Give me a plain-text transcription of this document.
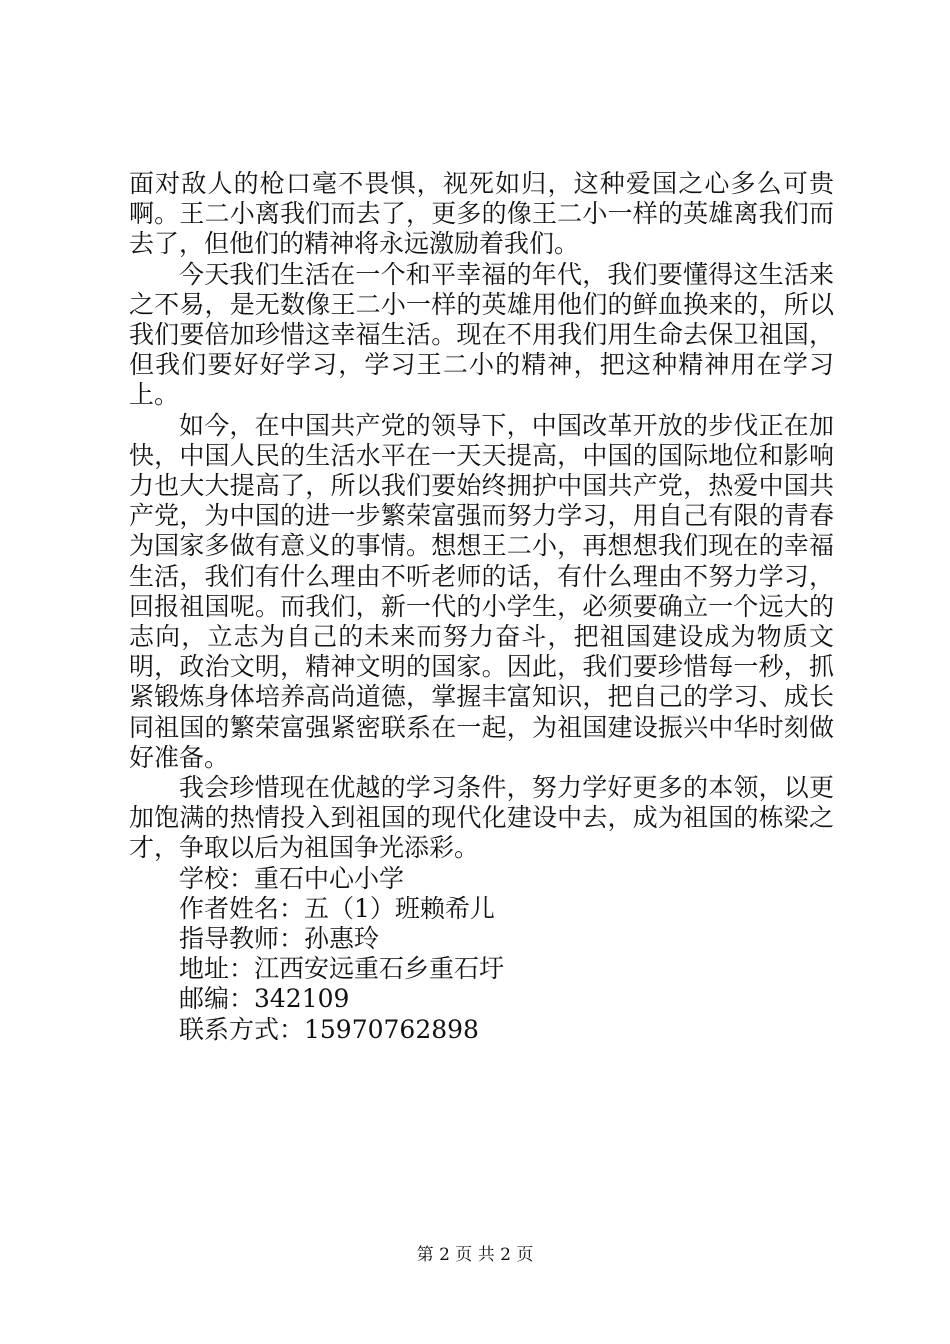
面对敌人的枪口毫不畏惧，视死如归，这种爱国之心多么可贵啊。王二小离我们而去了，更多的像王二小一样的英雄离我们而去了，但他们的精神将永远激励着我们。

今天我们生活在一个和平幸福的年代，我们要懂得这生活来之不易，是无数像王二小一样的英雄用他们的鲜血换来的，所以我们要倍加珍惜这幸福生活。现在不用我们用生命去保卫祖国，但我们要好好学习，学习王二小的精神，把这种精神用在学习上。

如今，在中国共产党的领导下，中国改革开放的步伐正在加快，中国人民的生活水平在一天天提高，中国的国际地位和影响力也大大提高了，所以我们要始终拥护中国共产党，热爱中国共产党，为中国的进一步繁荣富强而努力学习，用自己有限的青春为国家多做有意义的事情。想想王二小，再想想我们现在的幸福生活，我们有什么理由不听老师的话，有什么理由不努力学习，回报祖国呢。而我们，新一代的小学生，必须要确立一个远大的志向，立志为自己的未来而努力奋斗，把祖国建设成为物质文明，政治文明，精神文明的国家。因此，我们要珍惜每一秒，抓紧锻炼身体培养高尚道德，掌握丰富知识，把自己的学习、成长同祖国的繁荣富强紧密联系在一起，为祖国建设振兴中华时刻做好准备。

我会珍惜现在优越的学习条件，努力学好更多的本领，以更加饱满的热情投入到祖国的现代化建设中去，成为祖国的栋梁之才，争取以后为祖国争光添彩。

学校：重石中心小学

作者姓名：五（1）班赖希儿

指导教师：孙惠玲

地址：江西安远重石乡重石圩

邮编：342109

联系方式：15970762898

第 2 页 共 2 页
